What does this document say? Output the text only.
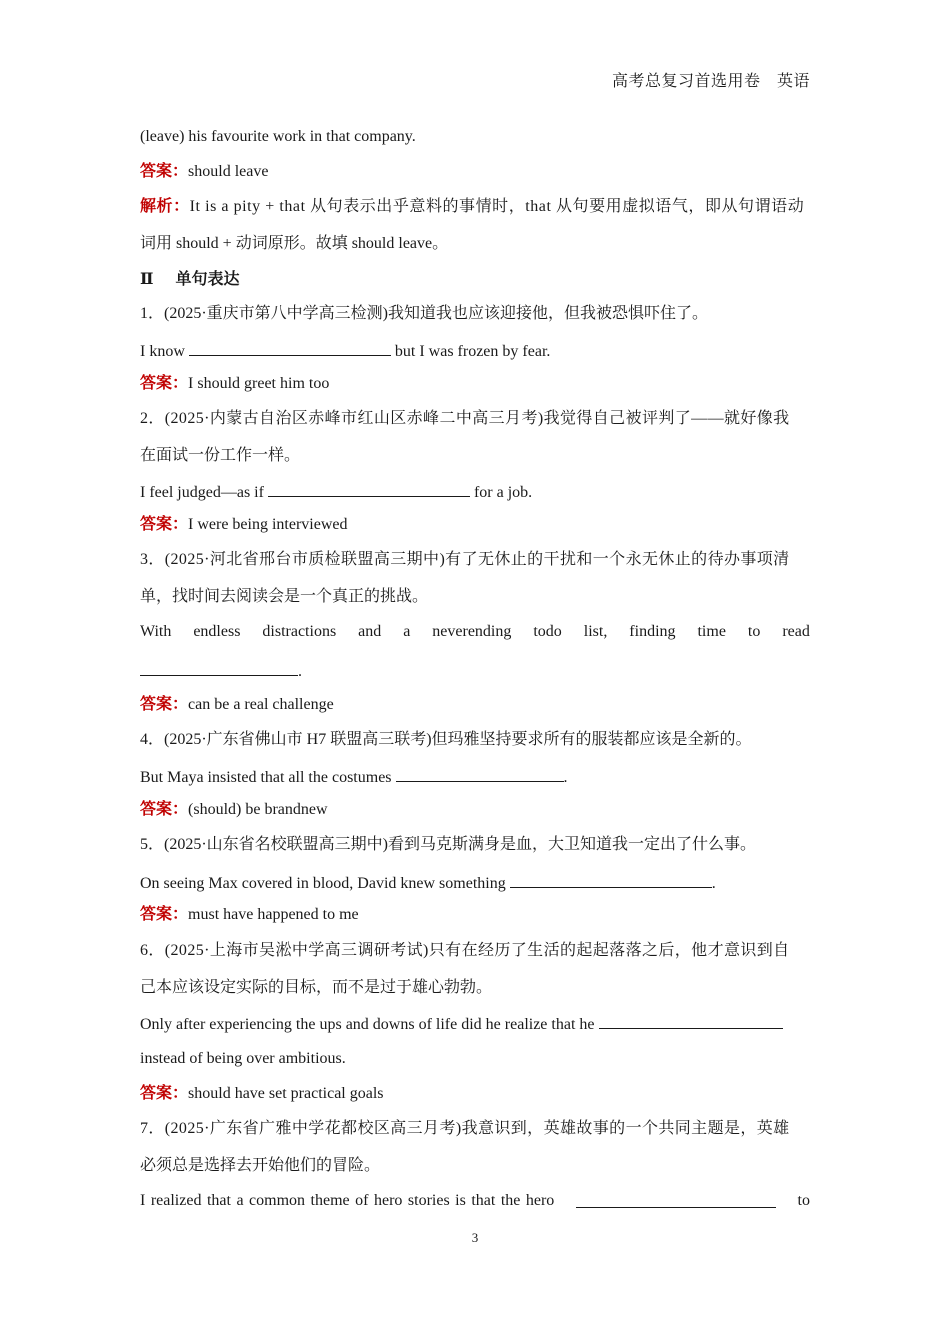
高考总复习首选用卷　英语
(leave) his favourite work in that company.
答案：should leave
解析：It is a pity + that 从句表示出乎意料的事情时，that 从句要用虚拟语气，即从句谓语动
词用 should + 动词原形。故填 should leave。
Ⅱ 单句表达
1．(2025·重庆市第八中学高三检测)我知道我也应该迎接他，但我被恐惧吓住了。
I know	but I was frozen by fear.
答案：I should greet him too
2．(2025·内蒙古自治区赤峰市红山区赤峰二中高三月考)我觉得自己被评判了——就好像我
在面试一份工作一样。
I feel judged—as if	for a job.
答案：I were being interviewed
3．(2025·河北省邢台市质检联盟高三期中)有了无休止的干扰和一个永无休止的待办事项清
单，找时间去阅读会是一个真正的挑战。
With endless distractions and a neverending todo list, finding time to read
.
答案：can be a real challenge
4．(2025·广东省佛山市 H7 联盟高三联考)但玛雅坚持要求所有的服装都应该是全新的。
But Maya insisted that all the costumes	.
答案：(should) be brandnew
5．(2025·山东省名校联盟高三期中)看到马克斯满身是血，大卫知道我一定出了什么事。
On seeing Max covered in blood, David knew something	.
答案：must have happened to me
6．(2025·上海市吴淞中学高三调研考试)只有在经历了生活的起起落落之后，他才意识到自
己本应该设定实际的目标，而不是过于雄心勃勃。
Only after experiencing the ups and downs of life did he realize that he
instead of being over ambitious.
答案：should have set practical goals
7．(2025·广东省广雅中学花都校区高三月考)我意识到，英雄故事的一个共同主题是，英雄
必须总是选择去开始他们的冒险。
I realized that a common theme of hero stories is that the hero	to
3
